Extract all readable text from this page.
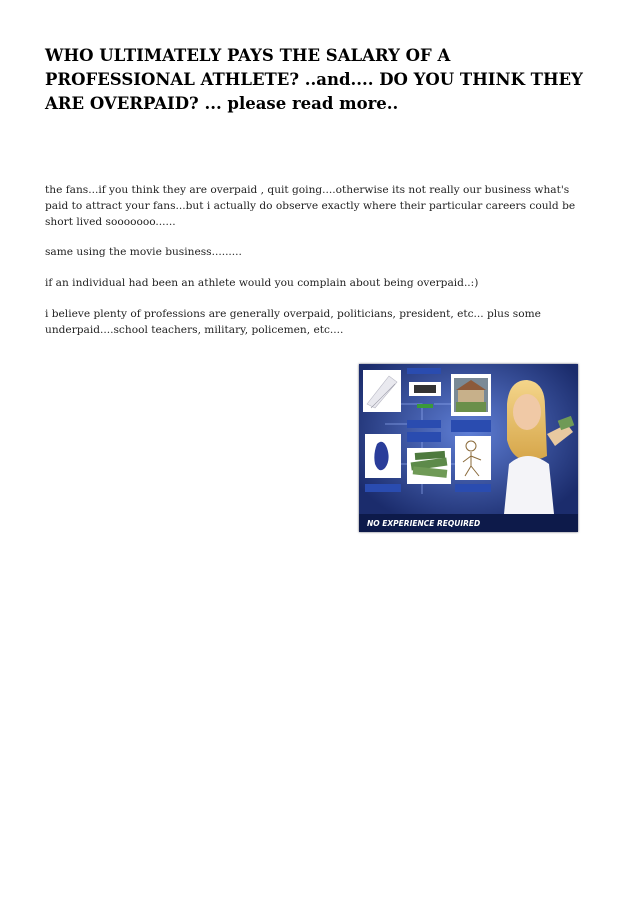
WHO ULTIMATELY PAYS THE SALARY OF A PROFESSIONAL ATHLETE? ..and.... DO YOU THINK THEY ARE OVERPAID? ... please read more..

the fans...if you think they are overpaid , quit going....otherwise its not really our business what's paid to attract your fans...but i actually do observe exactly where their particular careers could be short lived sooooooo......

same using the movie business.........

if an individual had been an athlete would you complain about being overpaid..:)

i believe plenty of professions are generally overpaid, politicians, president, etc... plus some underpaid....school teachers, military, policemen, etc....

NO EXPERIENCE REQUIRED
